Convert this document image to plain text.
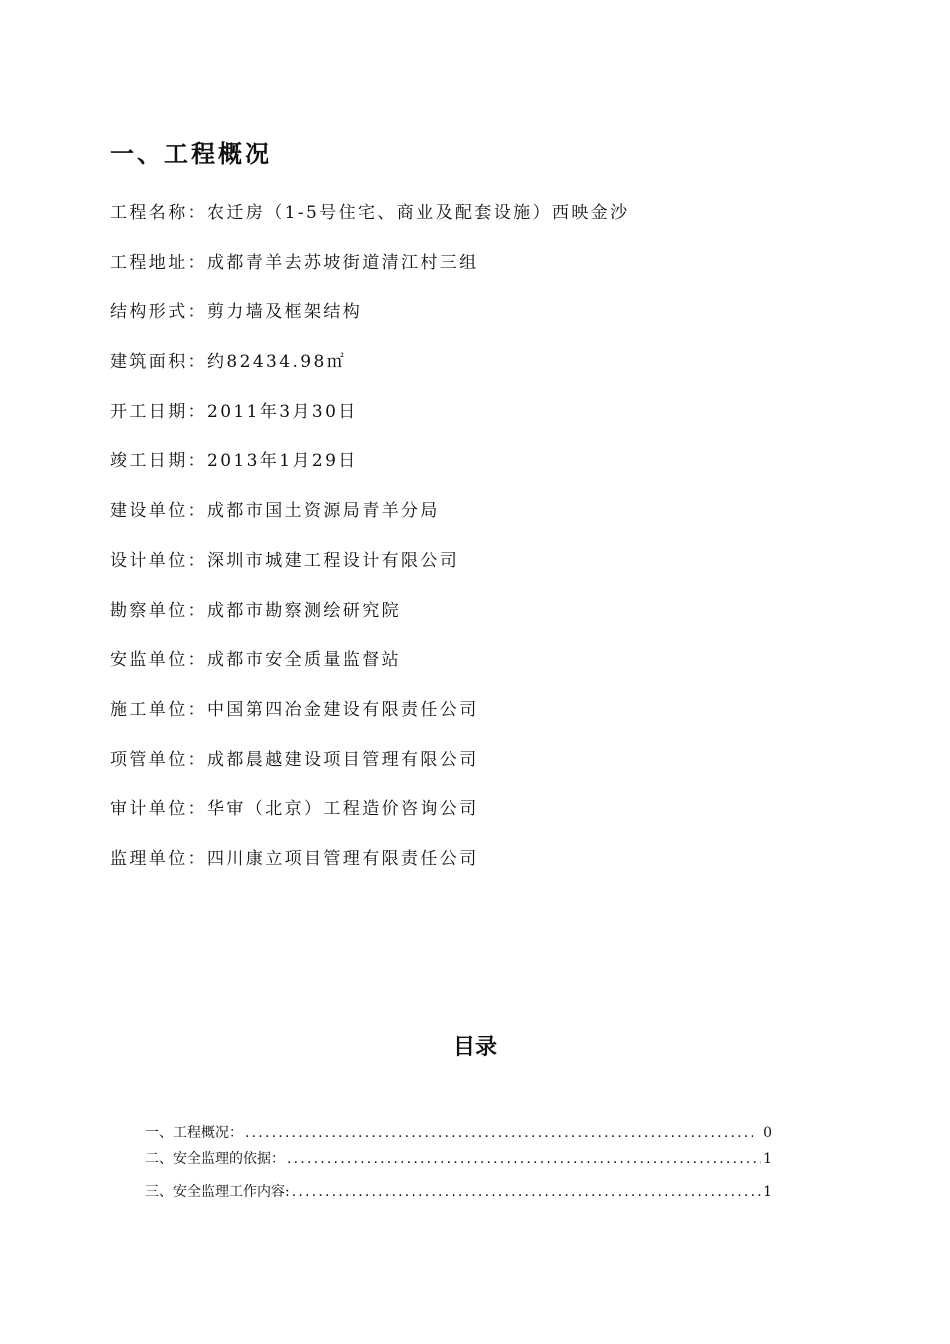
一、工程概况
工程名称：农迁房（1-5号住宅、商业及配套设施）西映金沙
工程地址：成都青羊去苏坡街道清江村三组
结构形式：剪力墙及框架结构
建筑面积：约82434.98㎡
开工日期：2011年3月30日
竣工日期：2013年1月29日
建设单位：成都市国土资源局青羊分局
设计单位：深圳市城建工程设计有限公司
勘察单位：成都市勘察测绘研究院
安监单位：成都市安全质量监督站
施工单位：中国第四冶金建设有限责任公司
项管单位：成都晨越建设项目管理有限公司
审计单位：华审（北京）工程造价咨询公司
监理单位：四川康立项目管理有限责任公司
目录
一、工程概况： .....	0
二、安全监理的依据： .....	1
三、安全监理工作内容: .....	1
